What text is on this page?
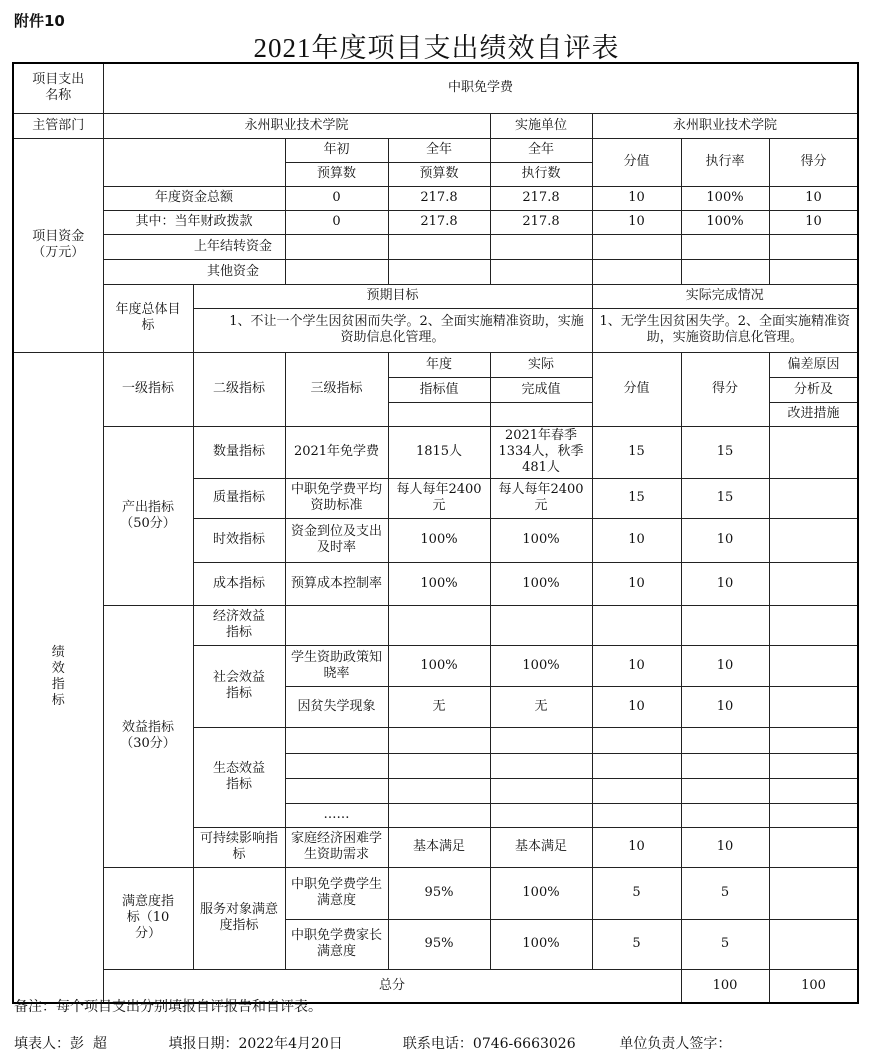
附件10
2021年度项目支出绩效自评表
项目支出名称	中职免学费								
主管部门	永州职业技术学院				实施单位	永州职业技术学院			
项目资金（万元）			年初	全年	全年	分值	执行率	得分	
			预算数	预算数	执行数				
	年度资金总额		0	217.8	217.8	10	100%	10	
	其中：当年财政拨款		0	217.8	217.8	10	100%	10	
	上年结转资金								
	其他资金								
	年度总体目标	预期目标				实际完成情况			
		1、不让一个学生因贫困而失学。2、全面实施精准资助，实施资助信息化管理。				1、无学生因贫困失学。2、全面实施精准资助，实施资助信息化管理。			
绩效指标	一级指标	二级指标	三级指标	年度	实际	分值	得分	偏差原因	
				指标值	完成值			分析及	
								改进措施	
	产出指标（50分）	数量指标	2021年免学费	1815人	2021年春季1334人，秋季481人	15	15		
		质量指标	中职免学费平均资助标准	每人每年2400元	每人每年2400元	15	15		
		时效指标	资金到位及支出及时率	100%	100%	10	10		
		成本指标	预算成本控制率	100%	100%	10	10		
	效益指标（30分）	经济效益指标							
		社会效益指标	学生资助政策知晓率	100%	100%	10	10		
			因贫失学现象	无	无	10	10		
		生态效益指标							

			……						
		可持续影响指标	家庭经济困难学生资助需求	基本满足	基本满足	10	10		
	满意度指标（10分）	服务对象满意度指标	中职免学费学生满意度	95%	100%	5	5		
			中职免学费家长满意度	95%	100%	5	5		
	总分						100	100	
备注：每个项目支出分别填报自评报告和自评表。
填表人：彭  超	填报日期：2022年4月20日	联系电话：0746-6663026	单位负责人签字：
